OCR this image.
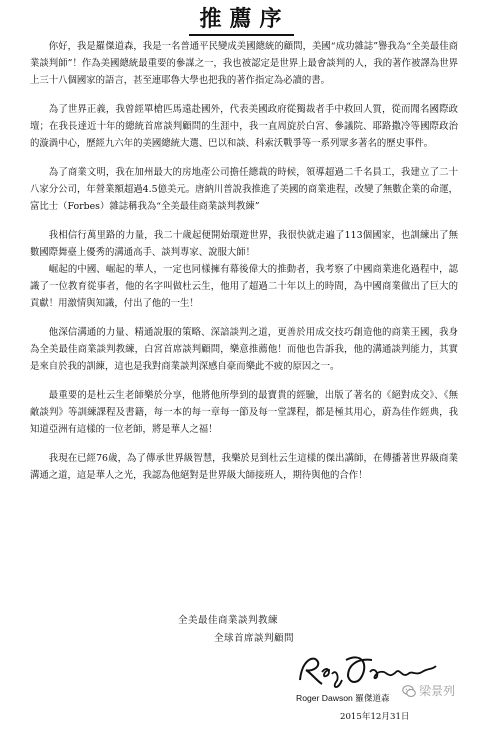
推薦序

你好，我是羅傑道森，我是一名普通平民變成美國總統的顧問，美國“成功雜誌”譽我為“全美最佳商業談判師”！作為美國總統最重要的參謀之一，我也被認定是世界上最會談判的人，我的著作被譯為世界上三十八個國家的語言，甚至連耶魯大學也把我的著作指定為必讀的書。

為了世界正義，我曾經單槍匹馬遠赴國外，代表美國政府從獨裁者手中救回人質，從而聞名國際政壇；在我長達近十年的總統首席談判顧問的生涯中，我一直周旋於白宮、參議院、耶路撒冷等國際政治的漩渦中心，歷經九六年的美國總統大選、巴以和談、科索沃戰爭等一系列眾多著名的歷史事件。

為了商業文明，我在加州最大的房地產公司擔任總裁的時候，領導超過二千名員工，我建立了二十八家分公司，年營業額超過4.5億美元。唐納川普說我推進了美國的商業進程，改變了無數企業的命運，富比士（Forbes）雜誌稱我為“全美最佳商業談判教練”

我相信行萬里路的力量，我二十歲起便開始環遊世界，我很快就走遍了113個國家，也訓練出了無數國際舞臺上優秀的溝通高手、談判專家、說服大師！

崛起的中國、崛起的華人，一定也同樣擁有幕後偉大的推動者，我考察了中國商業進化過程中，認識了一位教育從事者，他的名字叫做杜云生，他用了超過二十年以上的時間，為中國商業做出了巨大的貢獻！用激情與知識，付出了他的一生！

他深信溝通的力量、精通說服的策略、深諳談判之道，更善於用成交技巧創造他的商業王國，我身為全美最佳商業談判教練，白宮首席談判顧問，樂意推薦他！而他也告訴我，他的溝通談判能力，其實是來自於我的訓練，這也是我對商業談判深感自豪而樂此不疲的原因之一。

最重要的是杜云生老師樂於分享，他將他所學到的最寶貴的經驗，出版了著名的《絕對成交》、《無敵談判》等訓練課程及書籍，每一本的每一章每一節及每一堂課程，都是極其用心，蔚為佳作經典，我知道亞洲有這樣的一位老師，將是華人之福！

我現在已經76歲，為了傳承世界級智慧，我樂於見到杜云生這樣的傑出講師，在傳播著世界級商業溝通之道，這是華人之光，我認為他絕對是世界級大師接班人，期待與他的合作！

全美最佳商業談判教練
全球首席談判顧問
Roger Dawson 羅傑道森
2015年12月31日
梁景列
